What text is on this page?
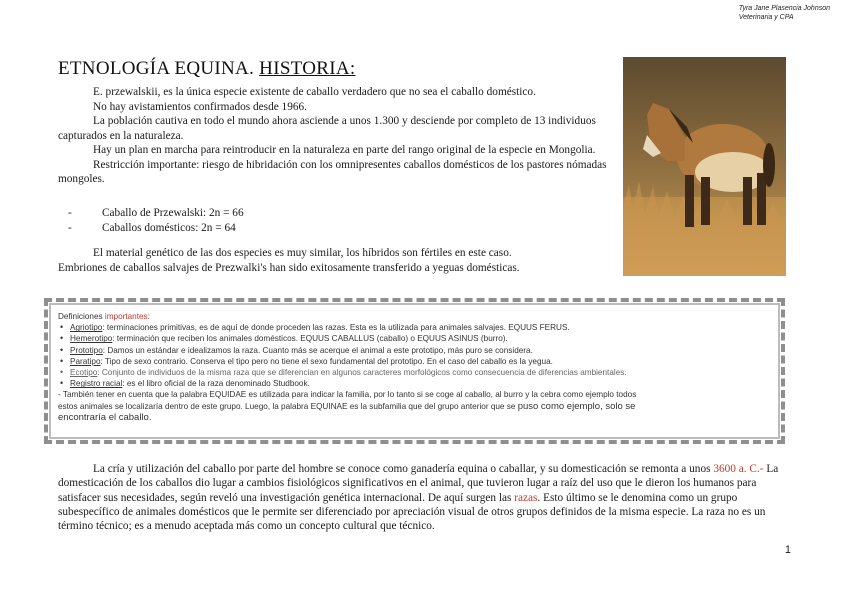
Tyra Jane Plasencia Johnson
Veterinaria y CPA
ETNOLOGÍA EQUINA. HISTORIA:

E. przewalskii, es la única especie existente de caballo verdadero que no sea el caballo doméstico.

No hay avistamientos confirmados desde 1966.

La población cautiva en todo el mundo ahora asciende a unos 1.300 y desciende por completo de 13 individuos capturados en la naturaleza.

Hay un plan en marcha para reintroducir en la naturaleza en parte del rango original de la especie en Mongolia.

Restricción importante: riesgo de hibridación con los omnipresentes caballos domésticos de los pastores nómadas mongoles.

-	Caballo de Przewalski: 2n = 66
-	Caballos domésticos: 2n = 64

El material genético de las dos especies es muy similar, los híbridos son fértiles en este caso.

Embriones de caballos salvajes de Prezwalki's han sido exitosamente transferido a yeguas domésticas.
Definiciones importantes:
• Agriotipo: terminaciones primitivas, es de aquí de donde proceden las razas. Esta es la utilizada para animales salvajes. EQUUS FERUS.
• Hemerotipo: terminación que reciben los animales domésticos. EQUUS CABALLUS (caballo) o EQUUS ASINUS (burro).
• Prototipo: Damos un estándar e idealizamos la raza. Cuanto más se acerque el animal a este prototipo, más puro se considera.
• Paratipo: Tipo de sexo contrario. Conserva el tipo pero no tiene el sexo fundamental del prototipo. En el caso del caballo es la yegua.
• Ecotipo: Conjunto de individuos de la misma raza que se diferencian en algunos caracteres morfológicos como consecuencia de diferencias ambientales.
• Registro racial: es el libro oficial de la raza denominado Studbook.
- También tener en cuenta que la palabra EQUIDAE es utilizada para indicar la familia, por lo tanto si se coge al caballo, al burro y la cebra como ejemplo todos
estos animales se localizaría dentro de este grupo. Luego, la palabra EQUINAE es la subfamilia que del grupo anterior que se puso como ejemplo, solo se
encontraría el caballo.

La cría y utilización del caballo por parte del hombre se conoce como ganadería equina o caballar, y su domesticación se remonta a unos 3600 a. C.- La domesticación de los caballos dio lugar a cambios fisiológicos significativos en el animal, que tuvieron lugar a raíz del uso que le dieron los humanos para satisfacer sus necesidades, según reveló una investigación genética internacional. De aquí surgen las razas. Esto último se le denomina como un grupo subespecífico de animales domésticos que le permite ser diferenciado por apreciación visual de otros grupos definidos de la misma especie. La raza no es un término técnico; es a menudo aceptada más como un concepto cultural que técnico.

1
